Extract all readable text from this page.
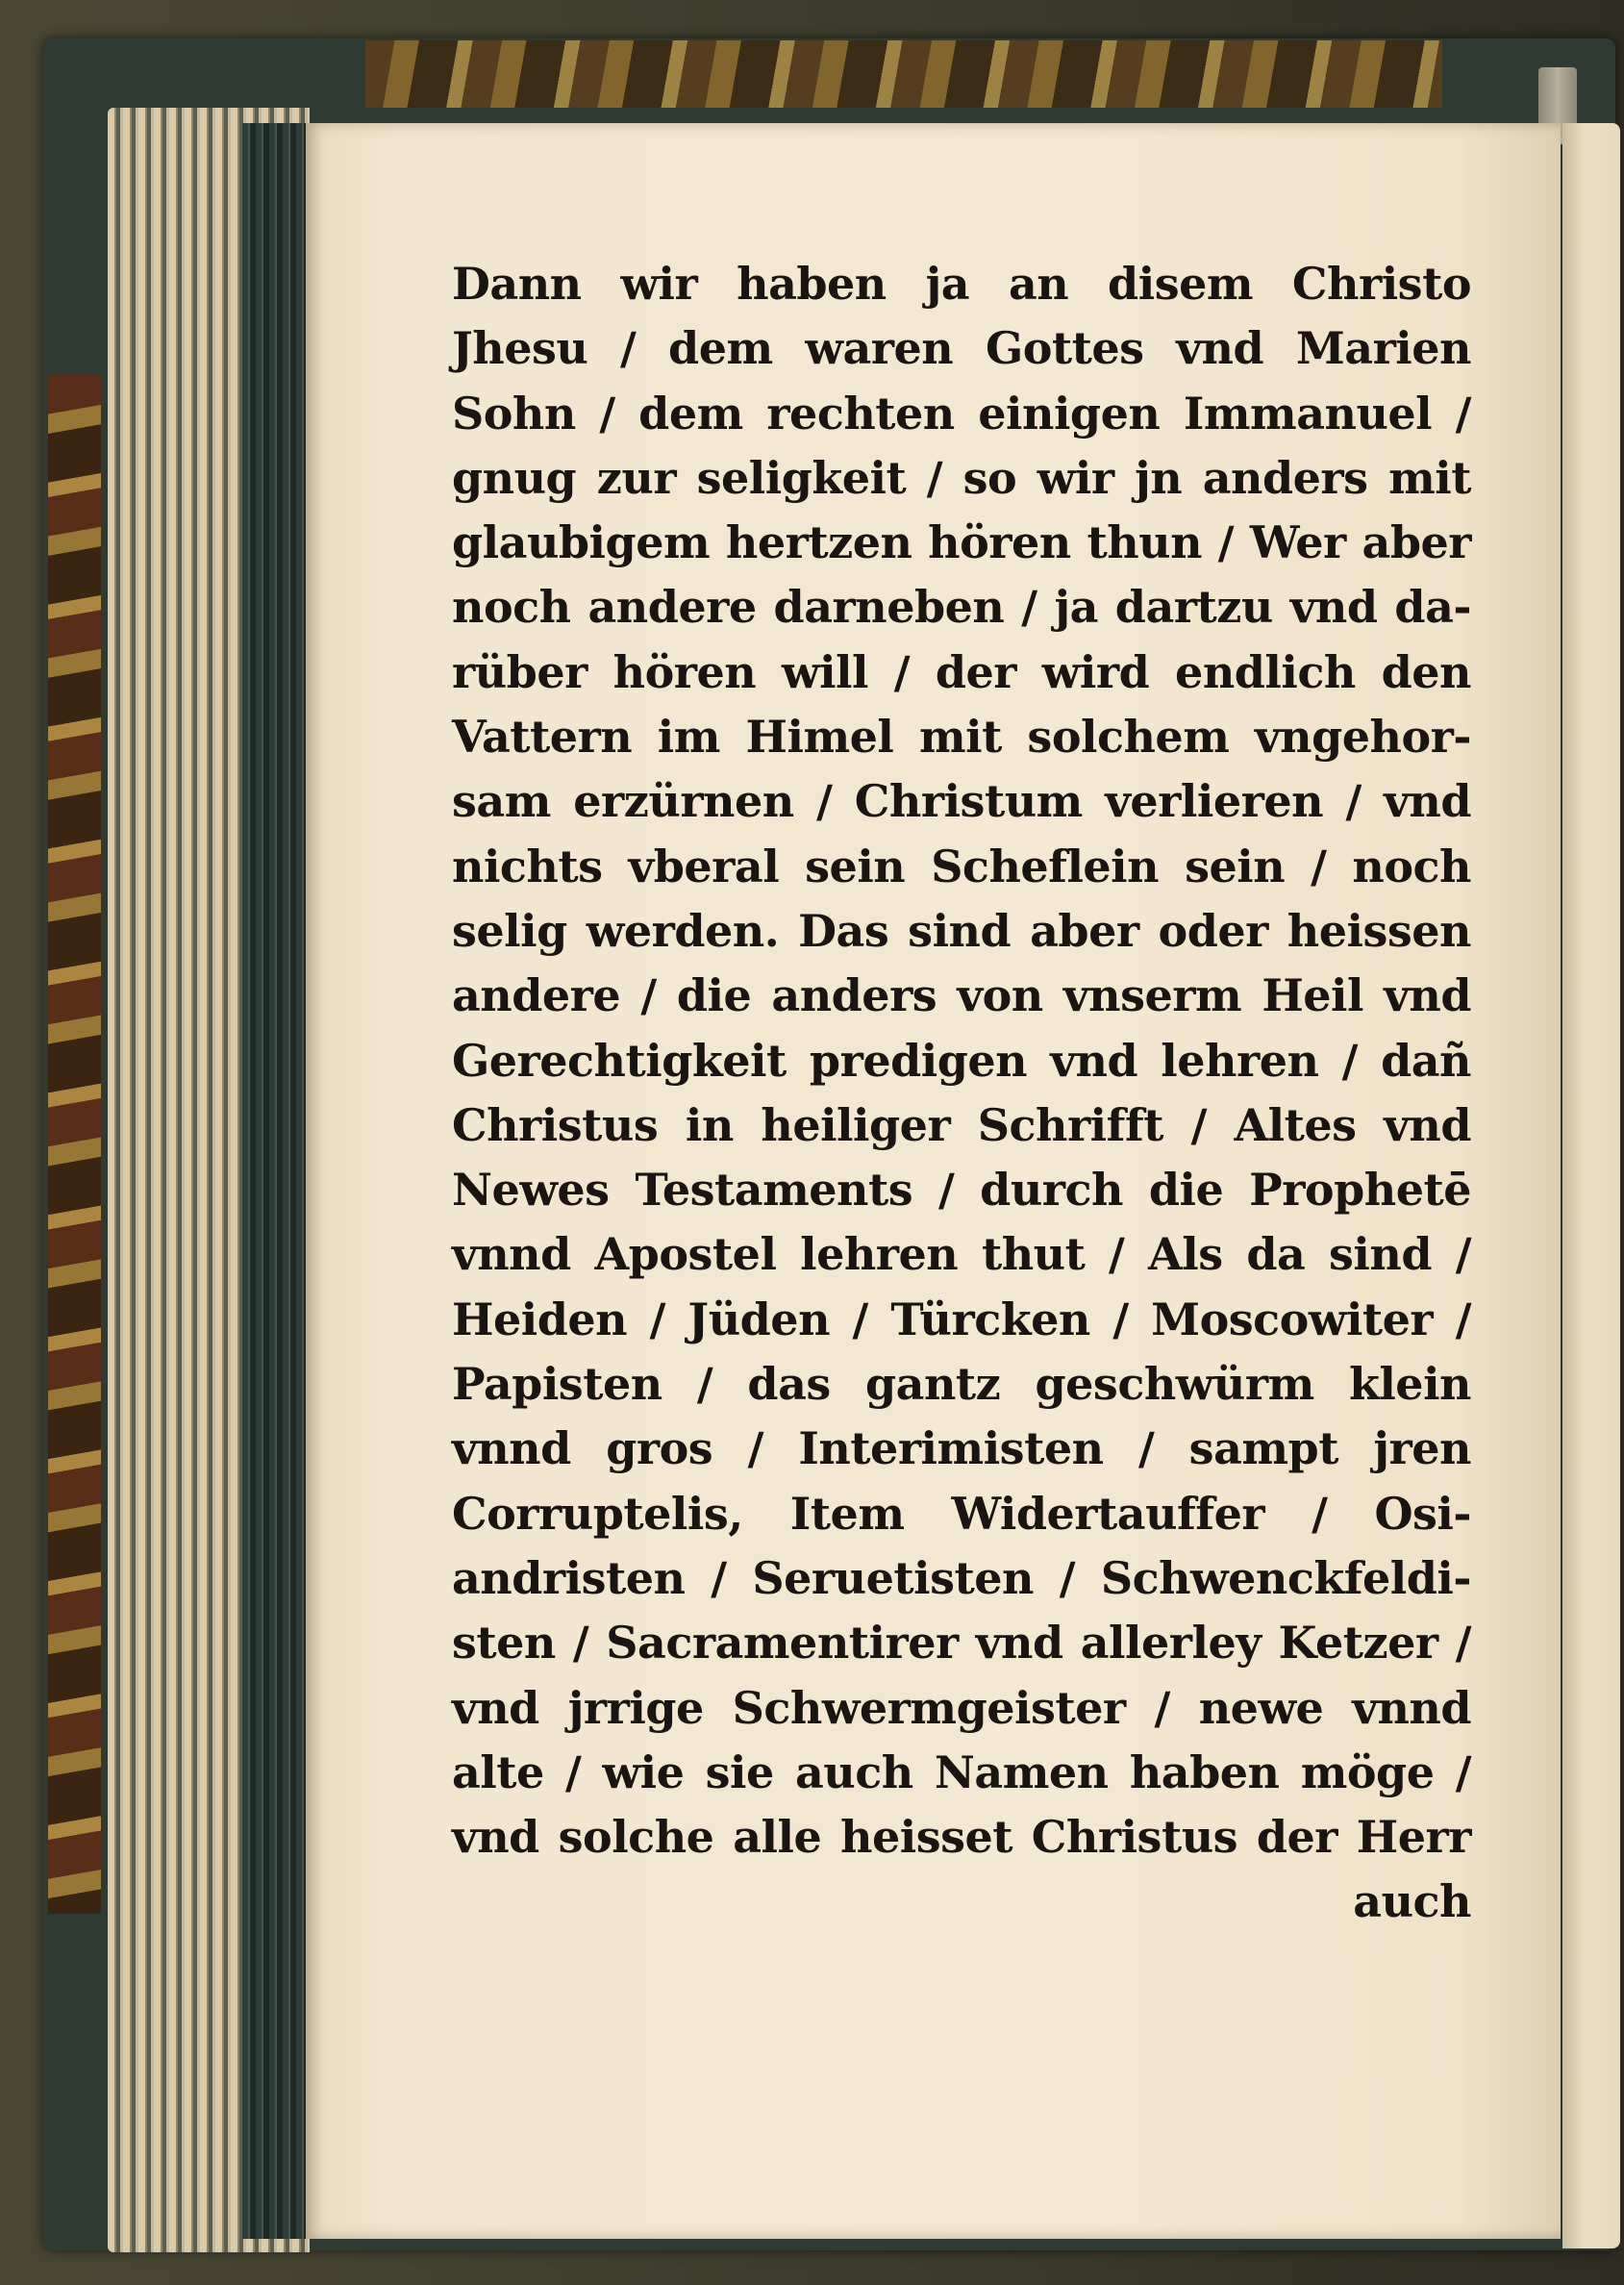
Dann wir haben ja an disem Christo
Jhesu / dem waren Gottes vnd Marien
Sohn / dem rechten einigen Immanuel /
gnug zur seligkeit / so wir jn anders mit
glaubigem hertzen hören thun / Wer aber
noch andere darneben / ja dartzu vnd da-
rüber hören will / der wird endlich den
Vattern im Himel mit solchem vngehor-
sam erzürnen / Christum verlieren / vnd
nichts vberal sein Scheflein sein / noch
selig werden. Das sind aber oder heissen
andere / die anders von vnserm Heil vnd
Gerechtigkeit predigen vnd lehren / dañ
Christus in heiliger Schrifft / Altes vnd
Newes Testaments / durch die Prophetē
vnnd Apostel lehren thut / Als da sind /
Heiden / Jüden / Türcken / Moscowiter /
Papisten / das gantz geschwürm klein
vnnd gros / Interimisten / sampt jren
Corruptelis, Item Widertauffer / Osi-
andristen / Seruetisten / Schwenckfeldi-
sten / Sacramentirer vnd allerley Ketzer /
vnd jrrige Schwermgeister / newe vnnd
alte / wie sie auch Namen haben möge /
vnd solche alle heisset Christus der Herr
auch
